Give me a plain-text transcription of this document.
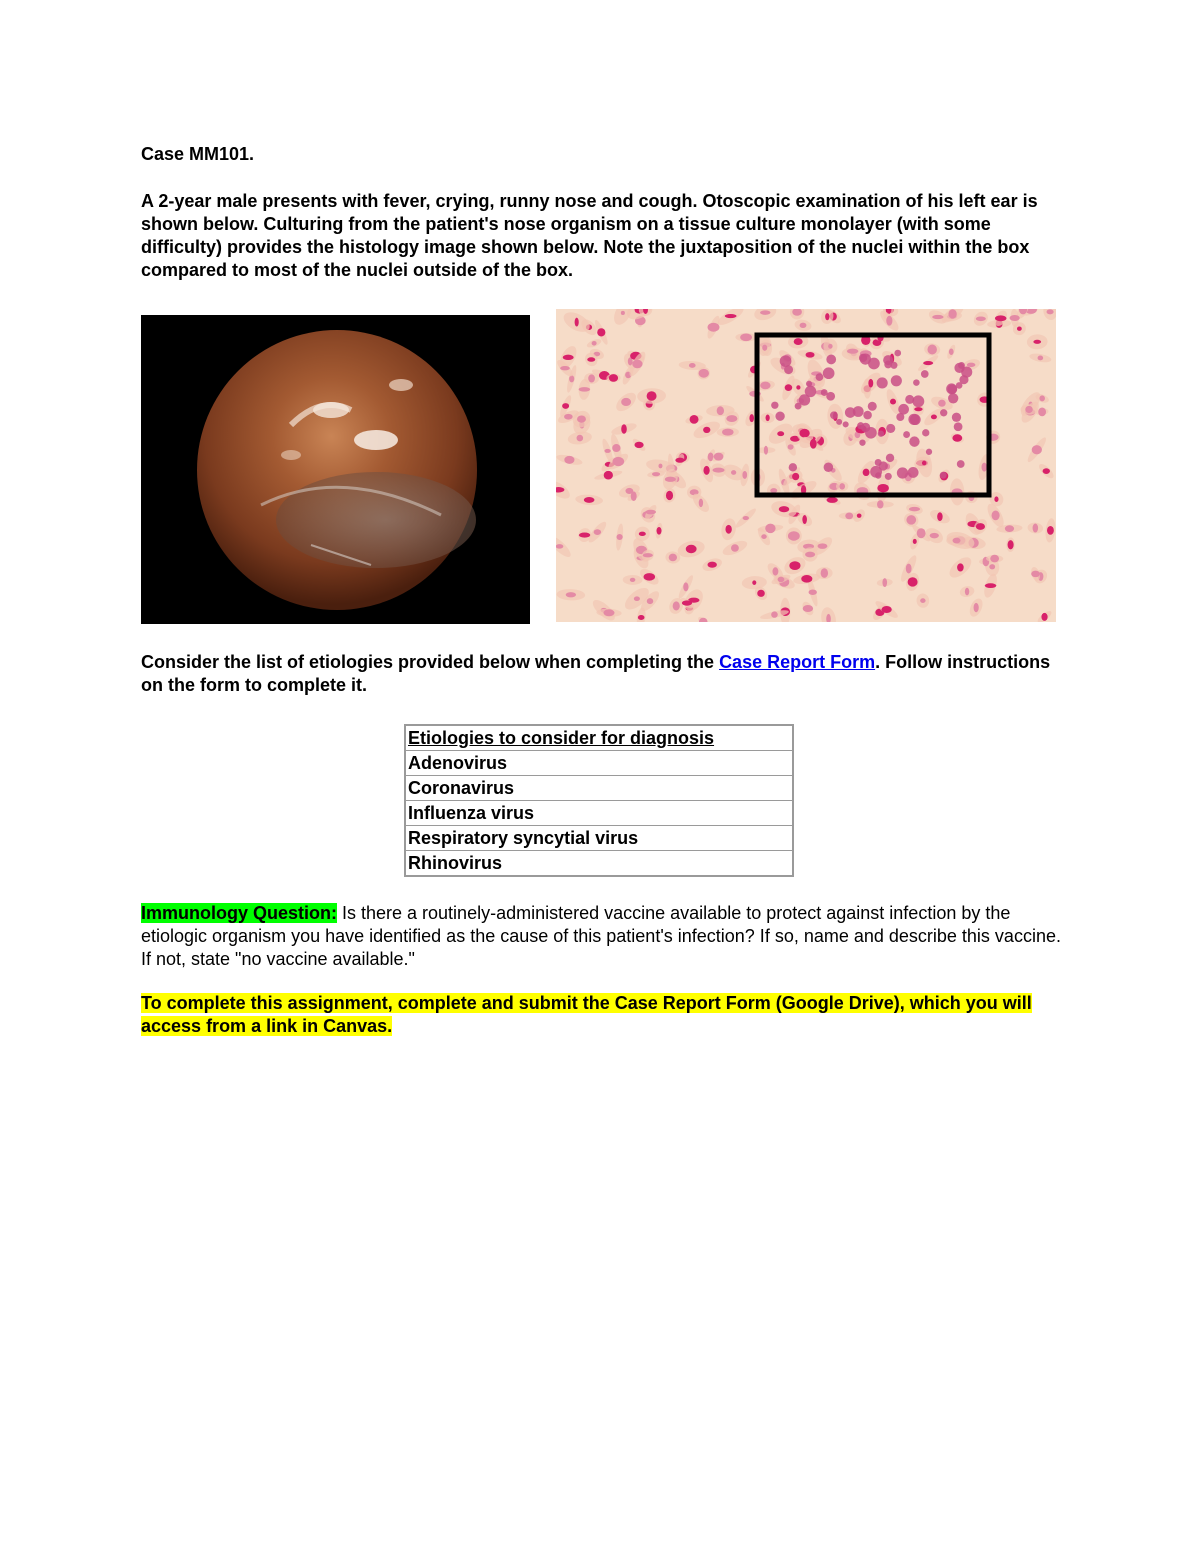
Case MM101.

A 2-year male presents with fever, crying, runny nose and cough. Otoscopic examination of his left ear is shown below. Culturing from the patient's nose organism on a tissue culture monolayer (with some difficulty) provides the histology image shown below. Note the juxtaposition of the nuclei within the box compared to most of the nuclei outside of the box.

Consider the list of etiologies provided below when completing the Case Report Form. Follow instructions on the form to complete it.

Etiologies to consider for diagnosis
Adenovirus
Coronavirus
Influenza virus
Respiratory syncytial virus
Rhinovirus

Immunology Question: Is there a routinely-administered vaccine available to protect against infection by the etiologic organism you have identified as the cause of this patient's infection? If so, name and describe this vaccine. If not, state "no vaccine available."

To complete this assignment, complete and submit the Case Report Form (Google Drive), which you will access from a link in Canvas.
